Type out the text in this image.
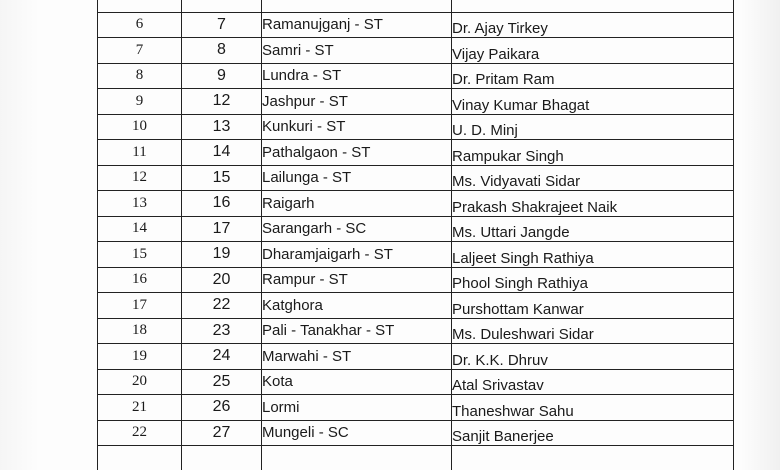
6	7	Ramanujganj - ST	Dr. Ajay Tirkey
7	8	Samri - ST	Vijay Paikara
8	9	Lundra - ST	Dr. Pritam Ram
9	12	Jashpur - ST	Vinay Kumar Bhagat
10	13	Kunkuri - ST	U. D. Minj
11	14	Pathalgaon - ST	Rampukar Singh
12	15	Lailunga - ST	Ms. Vidyavati Sidar
13	16	Raigarh	Prakash Shakrajeet Naik
14	17	Sarangarh - SC	Ms. Uttari Jangde
15	19	Dharamjaigarh - ST	Laljeet Singh Rathiya
16	20	Rampur - ST	Phool Singh Rathiya
17	22	Katghora	Purshottam Kanwar
18	23	Pali - Tanakhar - ST	Ms. Duleshwari Sidar
19	24	Marwahi - ST	Dr. K.K. Dhruv
20	25	Kota	Atal Srivastav
21	26	Lormi	Thaneshwar Sahu
22	27	Mungeli - SC	Sanjit Banerjee
